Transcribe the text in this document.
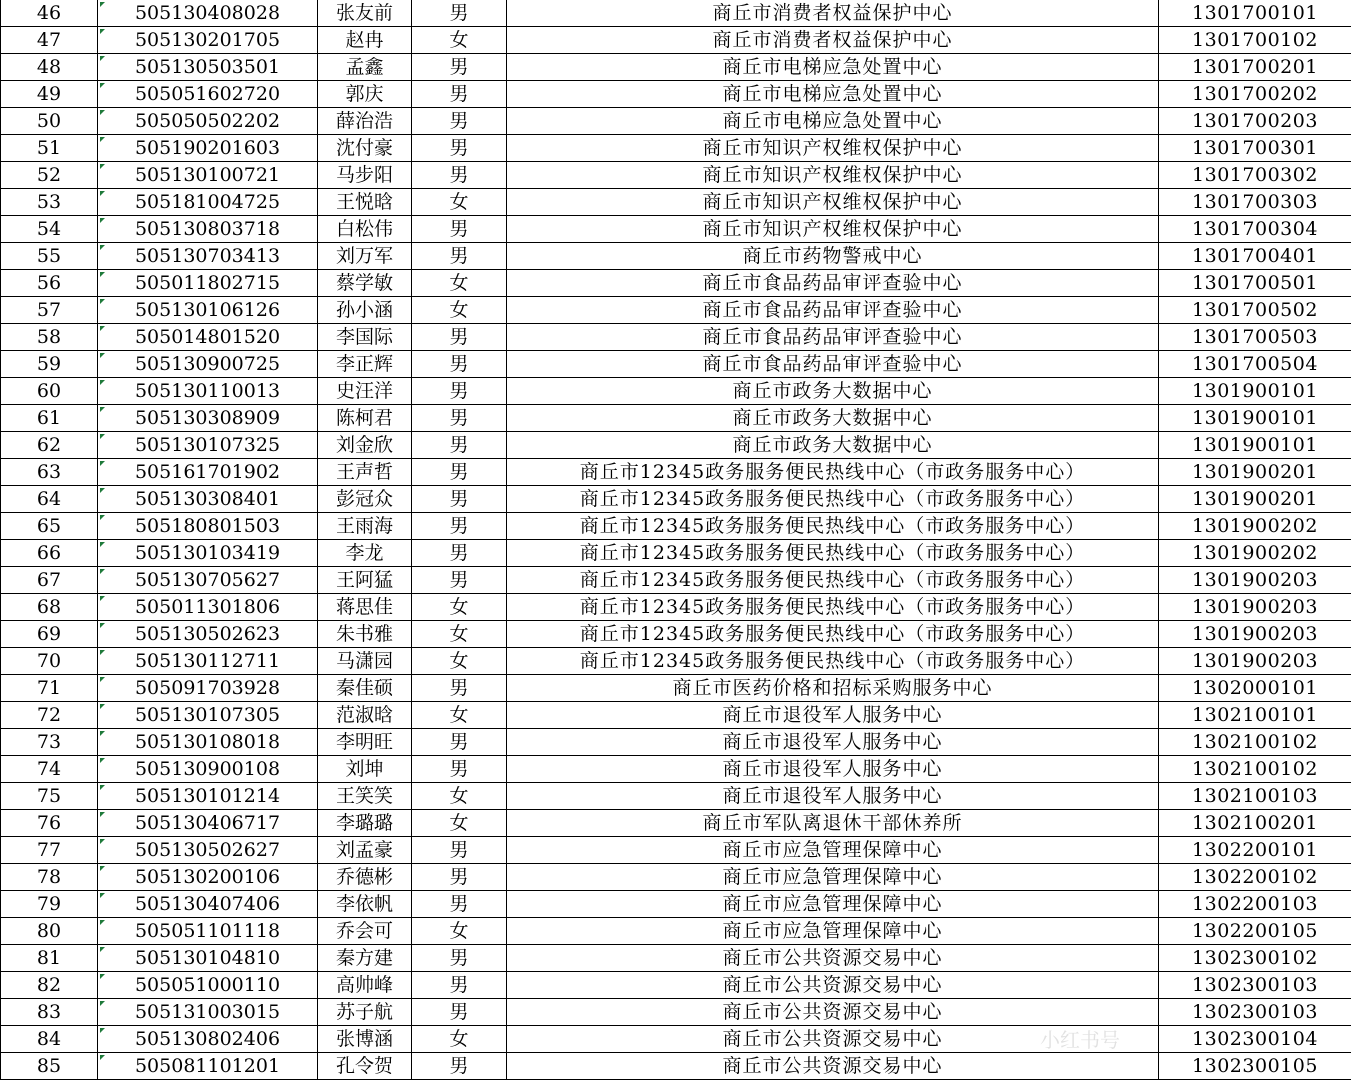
46	505130408028	张友前	男	商丘市消费者权益保护中心	1301700101
47	505130201705	赵冉	女	商丘市消费者权益保护中心	1301700102
48	505130503501	孟鑫	男	商丘市电梯应急处置中心	1301700201
49	505051602720	郭庆	男	商丘市电梯应急处置中心	1301700202
50	505050502202	薛治浩	男	商丘市电梯应急处置中心	1301700203
51	505190201603	沈付豪	男	商丘市知识产权维权保护中心	1301700301
52	505130100721	马步阳	男	商丘市知识产权维权保护中心	1301700302
53	505181004725	王悦晗	女	商丘市知识产权维权保护中心	1301700303
54	505130803718	白松伟	男	商丘市知识产权维权保护中心	1301700304
55	505130703413	刘万军	男	商丘市药物警戒中心	1301700401
56	505011802715	蔡学敏	女	商丘市食品药品审评查验中心	1301700501
57	505130106126	孙小涵	女	商丘市食品药品审评查验中心	1301700502
58	505014801520	李国际	男	商丘市食品药品审评查验中心	1301700503
59	505130900725	李正辉	男	商丘市食品药品审评查验中心	1301700504
60	505130110013	史汪洋	男	商丘市政务大数据中心	1301900101
61	505130308909	陈柯君	男	商丘市政务大数据中心	1301900101
62	505130107325	刘金欣	男	商丘市政务大数据中心	1301900101
63	505161701902	王声哲	男	商丘市12345政务服务便民热线中心（市政务服务中心）	1301900201
64	505130308401	彭冠众	男	商丘市12345政务服务便民热线中心（市政务服务中心）	1301900201
65	505180801503	王雨海	男	商丘市12345政务服务便民热线中心（市政务服务中心）	1301900202
66	505130103419	李龙	男	商丘市12345政务服务便民热线中心（市政务服务中心）	1301900202
67	505130705627	王阿猛	男	商丘市12345政务服务便民热线中心（市政务服务中心）	1301900203
68	505011301806	蒋思佳	女	商丘市12345政务服务便民热线中心（市政务服务中心）	1301900203
69	505130502623	朱书雅	女	商丘市12345政务服务便民热线中心（市政务服务中心）	1301900203
70	505130112711	马潇园	女	商丘市12345政务服务便民热线中心（市政务服务中心）	1301900203
71	505091703928	秦佳硕	男	商丘市医药价格和招标采购服务中心	1302000101
72	505130107305	范淑晗	女	商丘市退役军人服务中心	1302100101
73	505130108018	李明旺	男	商丘市退役军人服务中心	1302100102
74	505130900108	刘坤	男	商丘市退役军人服务中心	1302100102
75	505130101214	王笑笑	女	商丘市退役军人服务中心	1302100103
76	505130406717	李璐璐	女	商丘市军队离退休干部休养所	1302100201
77	505130502627	刘孟豪	男	商丘市应急管理保障中心	1302200101
78	505130200106	乔德彬	男	商丘市应急管理保障中心	1302200102
79	505130407406	李依帆	男	商丘市应急管理保障中心	1302200103
80	505051101118	乔会可	女	商丘市应急管理保障中心	1302200105
81	505130104810	秦方建	男	商丘市公共资源交易中心	1302300102
82	505051000110	高帅峰	男	商丘市公共资源交易中心	1302300103
83	505131003015	苏子航	男	商丘市公共资源交易中心	1302300103
84	505130802406	张博涵	女	商丘市公共资源交易中心	1302300104
85	505081101201	孔令贺	男	商丘市公共资源交易中心	1302300105
小红书号
